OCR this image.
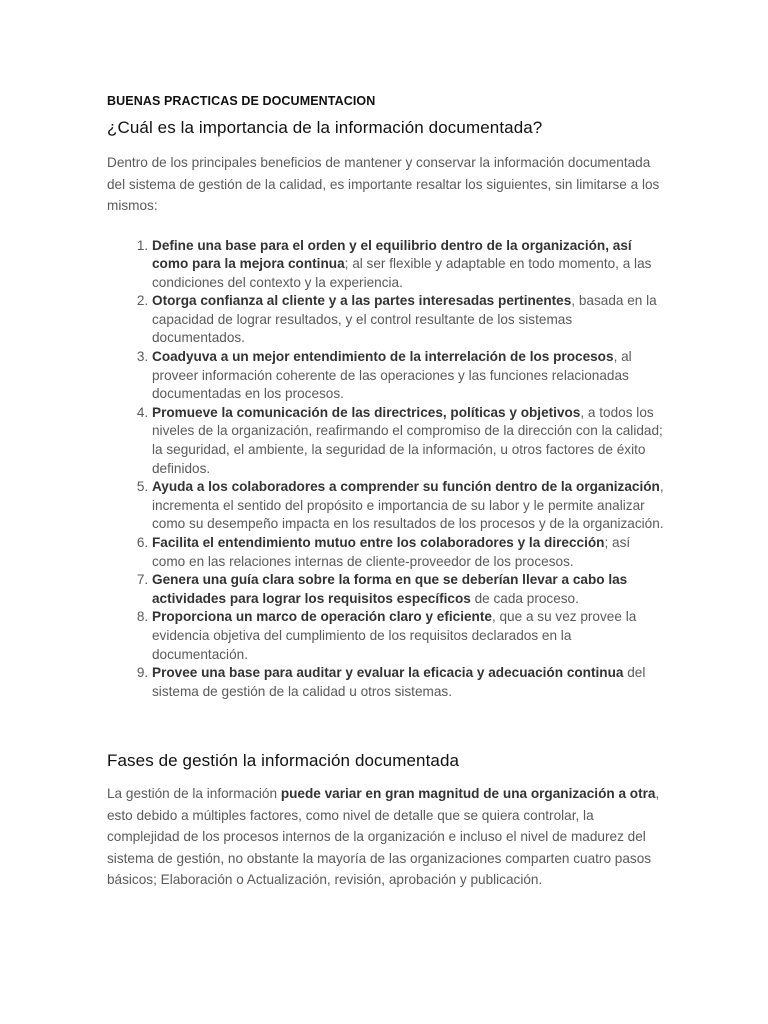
BUENAS PRACTICAS DE DOCUMENTACION

¿Cuál es la importancia de la información documentada?

Dentro de los principales beneficios de mantener y conservar la información documentada del sistema de gestión de la calidad, es importante resaltar los siguientes, sin limitarse a los mismos:

1. Define una base para el orden y el equilibrio dentro de la organización, así como para la mejora continua; al ser flexible y adaptable en todo momento, a las condiciones del contexto y la experiencia.
2. Otorga confianza al cliente y a las partes interesadas pertinentes, basada en la capacidad de lograr resultados, y el control resultante de los sistemas documentados.
3. Coadyuva a un mejor entendimiento de la interrelación de los procesos, al proveer información coherente de las operaciones y las funciones relacionadas documentadas en los procesos.
4. Promueve la comunicación de las directrices, políticas y objetivos, a todos los niveles de la organización, reafirmando el compromiso de la dirección con la calidad; la seguridad, el ambiente, la seguridad de la información, u otros factores de éxito definidos.
5. Ayuda a los colaboradores a comprender su función dentro de la organización, incrementa el sentido del propósito e importancia de su labor y le permite analizar como su desempeño impacta en los resultados de los procesos y de la organización.
6. Facilita el entendimiento mutuo entre los colaboradores y la dirección; así como en las relaciones internas de cliente-proveedor de los procesos.
7. Genera una guía clara sobre la forma en que se deberían llevar a cabo las actividades para lograr los requisitos específicos de cada proceso.
8. Proporciona un marco de operación claro y eficiente, que a su vez provee la evidencia objetiva del cumplimiento de los requisitos declarados en la documentación.
9. Provee una base para auditar y evaluar la eficacia y adecuación continua del sistema de gestión de la calidad u otros sistemas.
Fases de gestión la información documentada

La gestión de la información puede variar en gran magnitud de una organización a otra, esto debido a múltiples factores, como nivel de detalle que se quiera controlar, la complejidad de los procesos internos de la organización e incluso el nivel de madurez del sistema de gestión, no obstante la mayoría de las organizaciones comparten cuatro pasos básicos; Elaboración o Actualización, revisión, aprobación y publicación.
